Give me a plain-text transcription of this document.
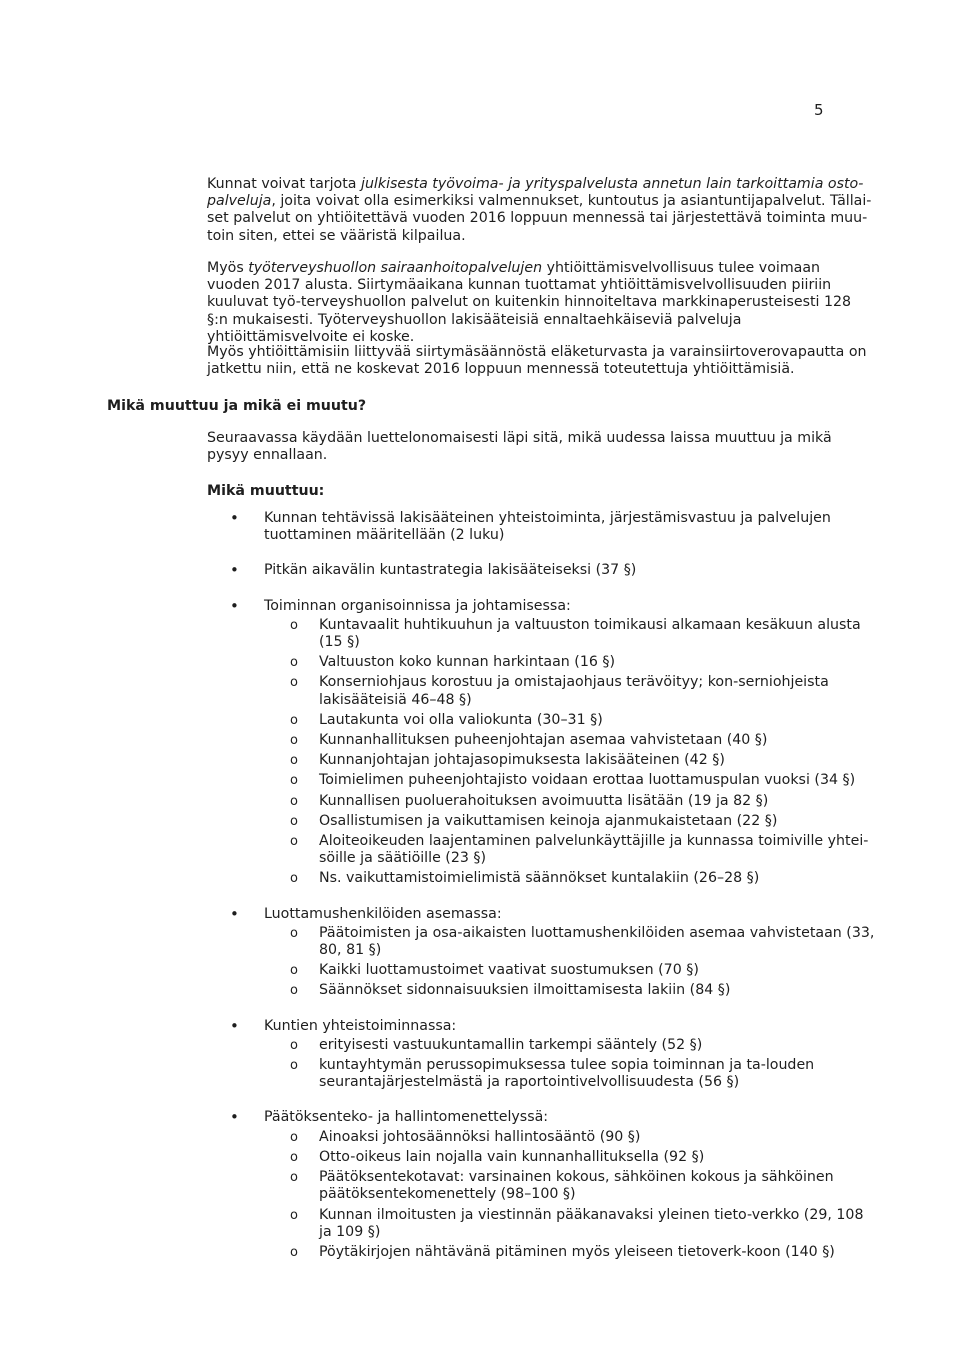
5

Kunnat voivat tarjota julkisesta työvoima- ja yrityspalvelusta annetun lain tarkoittamia osto-palveluja, joita voivat olla esimerkiksi valmennukset, kuntoutus ja asiantuntijapalvelut. Tällai-set palvelut on yhtiöitettävä vuoden 2016 loppuun mennessä tai järjestettävä toiminta muu-toin siten, ettei se vääristä kilpailua.

Myös työterveyshuollon sairaanhoitopalvelujen yhtiöittämisvelvollisuus tulee voimaan vuoden 2017 alusta. Siirtymäaikana kunnan tuottamat yhtiöittämisvelvollisuuden piiriin kuuluvat työ-terveyshuollon palvelut on kuitenkin hinnoiteltava markkinaperusteisesti 128 §:n mukaisesti. Työterveyshuollon lakisääteisiä ennaltaehkäiseviä palveluja yhtiöittämisvelvoite ei koske.

Myös yhtiöittämisiin liittyvää siirtymäsäännöstä eläketurvasta ja varainsiirtoverovapautta on jatkettu niin, että ne koskevat 2016 loppuun mennessä toteutettuja yhtiöittämisiä.

Mikä muuttuu ja mikä ei muutu?

Seuraavassa käydään luettelonomaisesti läpi sitä, mikä uudessa laissa muuttuu ja mikä pysyy ennallaan.

Mikä muuttuu:
• Kunnan tehtävissä lakisääteinen yhteistoiminta, järjestämisvastuu ja palvelujen tuottaminen määritellään (2 luku)
• Pitkän aikavälin kuntastrategia lakisääteiseksi (37 §)
• Toiminnan organisoinnissa ja johtamisessa:
o Kuntavaalit huhtikuuhun ja valtuuston toimikausi alkamaan kesäkuun alusta (15 §)
o Valtuuston koko kunnan harkintaan (16 §)
o Konserniohjaus korostuu ja omistajaohjaus terävöityy; kon-serniohjeista lakisääteisiä 46–48 §)
o Lautakunta voi olla valiokunta (30–31 §)
o Kunnanhallituksen puheenjohtajan asemaa vahvistetaan (40 §)
o Kunnanjohtajan johtajasopimuksesta lakisääteinen (42 §)
o Toimielimen puheenjohtajisto voidaan erottaa luottamuspulan vuoksi (34 §)
o Kunnallisen puoluerahoituksen avoimuutta lisätään (19 ja 82 §)
o Osallistumisen ja vaikuttamisen keinoja ajanmukaistetaan (22 §)
o Aloiteoikeuden laajentaminen palvelunkäyttäjille ja kunnassa toimiville yhtei-söille ja säätiöille (23 §)
o Ns. vaikuttamistoimielimistä säännökset kuntalakiin (26–28 §)
• Luottamushenkilöiden asemassa:
o Päätoimisten ja osa-aikaisten luottamushenkilöiden asemaa vahvistetaan (33, 80, 81 §)
o Kaikki luottamustoimet vaativat suostumuksen (70 §)
o Säännökset sidonnaisuuksien ilmoittamisesta lakiin (84 §)
• Kuntien yhteistoiminnassa:
o erityisesti vastuukuntamallin tarkempi sääntely (52 §)
o kuntayhtymän perussopimuksessa tulee sopia toiminnan ja ta-louden seurantajärjestelmästä ja raportointivelvollisuudesta (56 §)
• Päätöksenteko- ja hallintomenettelyssä:
o Ainoaksi johtosäännöksi hallintosääntö (90 §)
o Otto-oikeus lain nojalla vain kunnanhallituksella (92 §)
o Päätöksentekotavat: varsinainen kokous, sähköinen kokous ja sähköinen päätöksentekomenettely (98–100 §)
o Kunnan ilmoitusten ja viestinnän pääkanavaksi yleinen tieto-verkko (29, 108 ja 109 §)
o Pöytäkirjojen nähtävänä pitäminen myös yleiseen tietoverk-koon (140 §)
